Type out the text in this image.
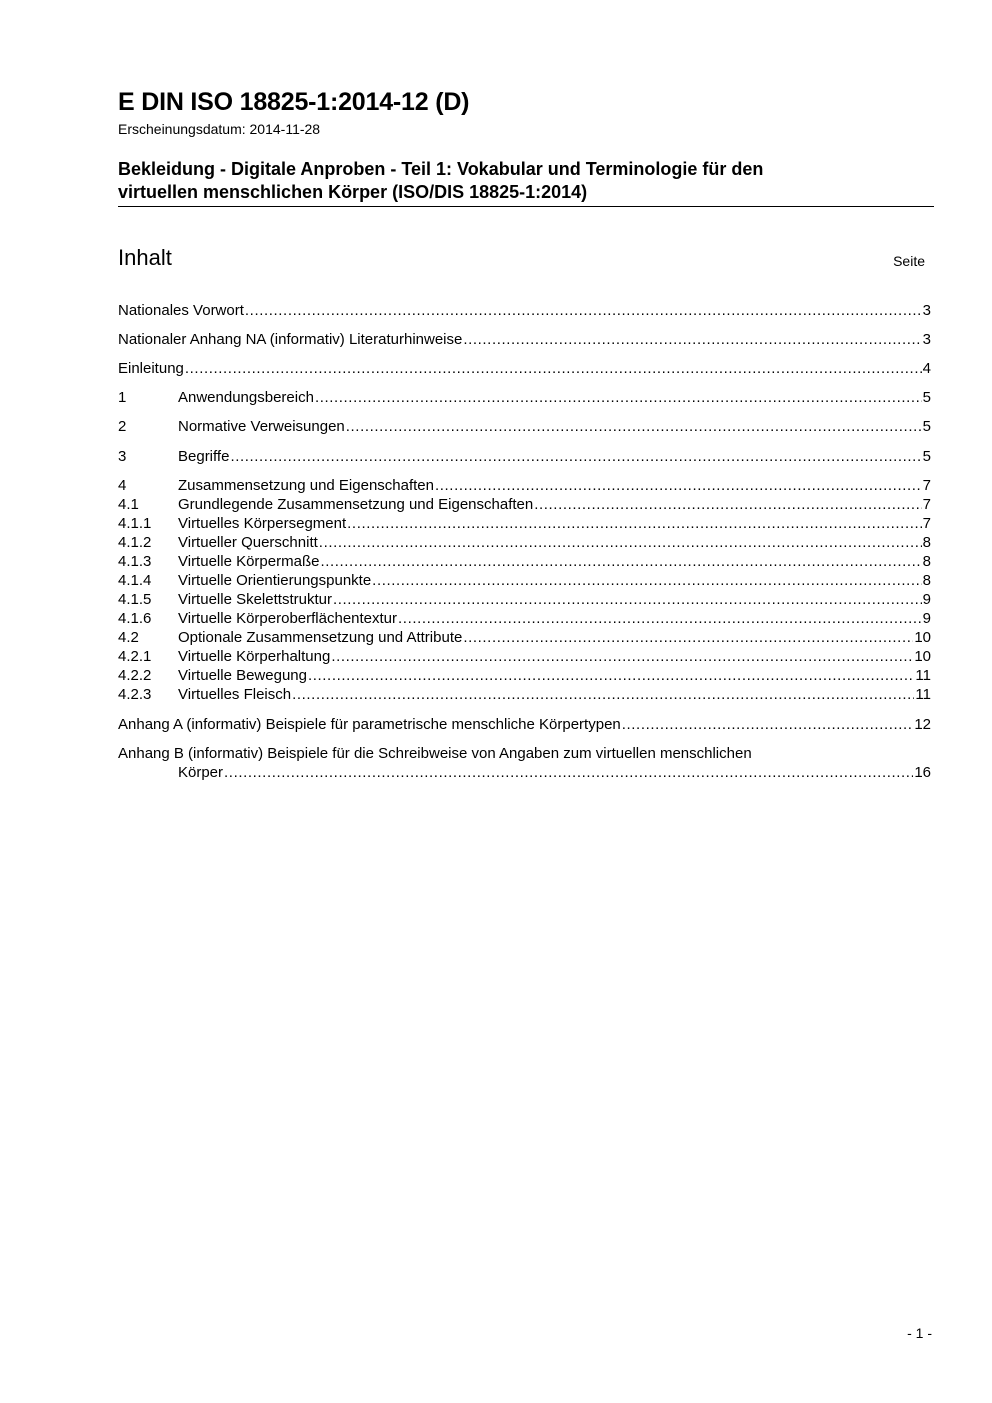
E DIN ISO 18825-1:2014-12 (D)
Erscheinungsdatum: 2014-11-28
Bekleidung - Digitale Anproben - Teil 1: Vokabular und Terminologie für den
virtuellen menschlichen Körper (ISO/DIS 18825-1:2014)
Inhalt	Seite
Nationales Vorwort .....	3
Nationaler Anhang NA (informativ) Literaturhinweise .....	3
Einleitung .....	4
1	Anwendungsbereich .....	5
2	Normative Verweisungen .....	5
3	Begriffe .....	5
4	Zusammensetzung und Eigenschaften .....	7
4.1	Grundlegende Zusammensetzung und Eigenschaften .....	7
4.1.1	Virtuelles Körpersegment .....	7
4.1.2	Virtueller Querschnitt .....	8
4.1.3	Virtuelle Körpermaße .....	8
4.1.4	Virtuelle Orientierungspunkte .....	8
4.1.5	Virtuelle Skelettstruktur .....	9
4.1.6	Virtuelle Körperoberflächentextur .....	9
4.2	Optionale Zusammensetzung und Attribute .....	10
4.2.1	Virtuelle Körperhaltung .....	10
4.2.2	Virtuelle Bewegung .....	11
4.2.3	Virtuelles Fleisch .....	11
Anhang A (informativ) Beispiele für parametrische menschliche Körpertypen .....	12
Anhang B (informativ) Beispiele für die Schreibweise von Angaben zum virtuellen menschlichen
Körper .....	16
- 1 -
